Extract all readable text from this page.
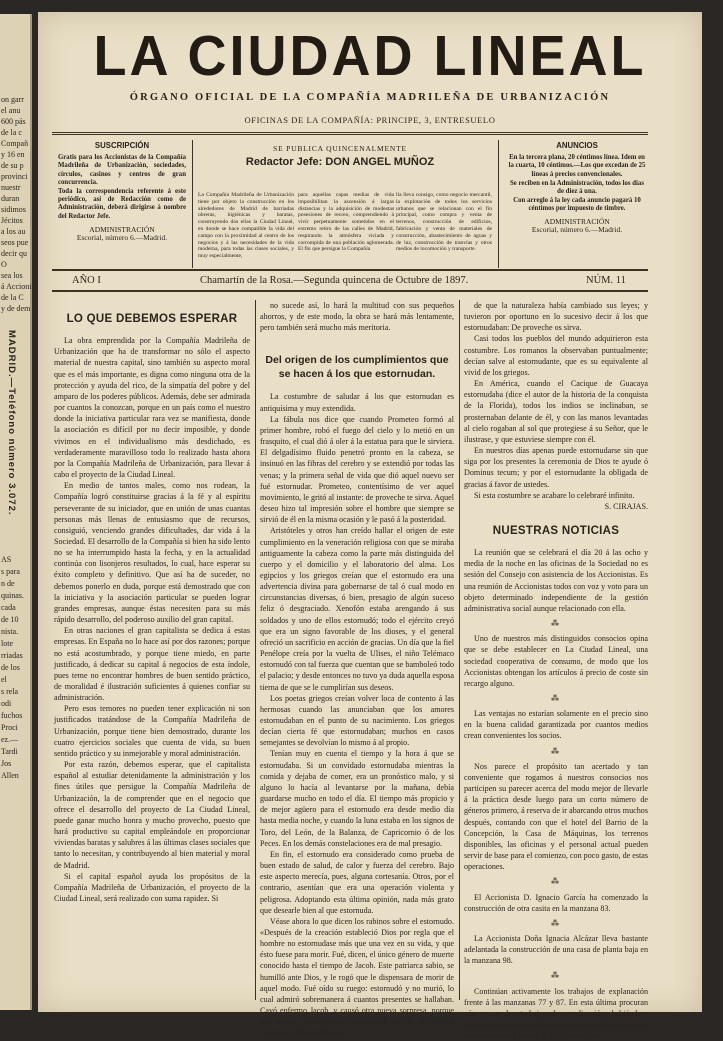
on garr
el anu
600 pás
de la c
Compañ
y 16 en
de su p
provinci
nuestr
duran
sidimos
Jécitos
a los au
seos pue
decir qu
O
sea los
á Accioni
de la C
y de dem
AS
s para
n de
quinas.
cada
de 10
nista.
lote
rriadas
de los
el
s rela
odi
fuchos
Proci
ez.—
Tardi
Jos
Allen
MADRID.—Teléfono número 3.072.
LA CIUDAD LINEAL
ÓRGANO OFICIAL DE LA COMPAÑÍA MADRILEÑA DE URBANIZACIÓN
OFICINAS DE LA COMPAÑÍA: PRINCIPE, 3, ENTRESUELO
SUSCRIPCIÓN

Gratis para los Accionistas de la Compañía Madrileña de Urbanización, sociedades, círculos, casinos y centros de gran concurrencia.

Toda la correspondencia referente á este periódico, así de Redacción como de Administración, deberá dirigirse á nombre del Redactor Jefe.

ADMINISTRACIÓN
Escorial, número 6.—Madrid.
SE PUBLICA QUINCENALMENTE
Redactor Jefe: DON ANGEL MUÑOZ
La Compañía Madrileña de Urbanización tiene por objeto la construcción en los alrededores de Madrid de barriadas obreras, higiénicas y baratas, construyendo dos ellas la Ciudad Lineal, en donde se hace compatible la vida del campo con la proximidad al centro de los negocios y á las necesidades de la vida moderna, para todas las clases sociales, y muy especialmente,
para aquellas capas medias de vida imposibilitan la ascensión á largas distancias y la adquisición de modestas posesiones de recreo, comprendiendo á vivir perpetuamente sometidos en el extremo retiro de las calles de Madrid, respirando la atmósfera viciada y corrompida de una población aglomerada. El fin que persigue la Compañía
lla lleva consigo, como negocio mercantil, la explotación de todos los servicios urbanos que se relacionan con el fin principal, como compra y venta de terrenos, construcción de edificios, fabricación y venta de materiales de construcción, abastecimiento de aguas y de luz, construcción de tranvías y otros medios de locomoción y transporte.
ANUNCIOS

En la tercera plana, 20 céntimos línea. Idem en la cuarta, 10 céntimos.—Los que excedan de 25 líneas á precios convencionales.

Se reciben en la Administración, todos los días de diez á una.

Con arreglo á la ley cada anuncio pagará 10 céntimos por impuesto de timbre.

ADMINISTRACIÓN
Escorial, número 6.—Madrid.
AÑO I	Chamartín de la Rosa.—Segunda quincena de Octubre de 1897.	NÚM. 11
LO QUE DEBEMOS ESPERAR

La obra emprendida por la Compañía Madrileña de Urbanización que ha de transformar no sólo el aspecto material de nuestra capital, sino también su aspecto moral que es el más importante, es digna como ninguna otra de la protección y ayuda del rico, de la simpatía del pobre y del amparo de los poderes públicos. Además, debe ser admirada por cuantos la conozcan, porque en un país como el nuestro donde la iniciativa particular rara vez se manifiesta, donde la asociación es difícil por no decir imposible, y donde vivimos en el individualismo más desdichado, es verdaderamente maravilloso todo lo realizado hasta ahora por la Compañía Madrileña de Urbanización, para llevar á cabo el proyecto de la Ciudad Lineal.

En medio de tantos males, como nos rodean, la Compañía logró constituirse gracias á la fé y al espíritu perseverante de su iniciador, que en unión de unas cuantas personas más llenas de entusiasmo que de recursos, consiguió, venciendo grandes dificultades, dar vida á la Sociedad. El desarrollo de la Compañía si bien ha sido lento no se ha interrumpido hasta la fecha, y en la actualidad continúa con lisonjeros resultados, lo cual, hace esperar su éxito completo y definitivo. Que así ha de suceder, no debemos ponerlo en duda, porque está demostrado que con la iniciativa y la asociación particular se pueden lograr grandes empresas, aunque éstas necesiten para su más rápido desarrollo, del poderoso auxilio del gran capital.

En otras naciones el gran capitalista se dedica á estas empresas. En España no lo hace así por dos razones; porque no está acostumbrado, y porque tiene miedo, en parte justificado, á dedicar su capital á negocios de esta índole, pues teme no encontrar hombres de buen sentido práctico, de moralidad é ilustración suficientes á quienes confiar su administración.

Pero esos temores no pueden tener explicación ni son justificados tratándose de la Compañía Madrileña de Urbanización, porque tiene bien demostrado, durante los cuatro ejercicios sociales que cuenta de vida, su buen sentido práctico y su inmejorable y moral administración.

Por esta razón, debemos esperar, que el capitalista español al estudiar detenidamente la administración y los fines útiles que persigue la Compañía Madrileña de Urbanización, la de comprender que en el negocio que ofrece el desarrollo del proyecto de La Ciudad Lineal, puede ganar mucho honra y mucho provecho, puesto que hará productivo su capital empleándole en proporcionar viviendas baratas y salubres á las últimas clases sociales que tanto lo necesitan, y contribuyendo al bien material y moral de Madrid.

Si el capital español ayuda los propósitos de la Compañía Madrileña de Urbanización, el proyecto de la Ciudad Lineal, será realizado con suma rapidez. Si

no sucede así, lo hará la multitud con sus pequeños ahorros, y de este modo, la obra se hará más lentamente, pero también será mucho más meritoria.

Del origen de los cumplimientos que se hacen á los que estornudan.

La costumbre de saludar á los que estornudan es antiquísima y muy extendida.

La fábula nos dice que cuando Prometeo formó al primer hombre, robó el fuego del cielo y lo metió en un frasquito, el cual dió á oler á la estatua para que le sirviera. El delgadísimo fluido penetró pronto en la cabeza, se insinuó en las fibras del cerebro y se extendió por todas las venas; y la primera señal de vida que dió aquel nuevo ser fué estornudar. Prometeo, contentísimo de ver aquel movimiento, le gritó al instante: de proveche te sirva. Aquel deseo hizo tal impresión sobre el hombre que siempre se sirvió de él en la misma ocasión y le pasó á la posteridad.

Aristóteles y otros han creído hallar el origen de este cumplimiento en la veneración religiosa con que se miraba antiguamente la cabeza como la parte más distinguida del cuerpo y el domicilio y el laboratorio del alma. Los egipcios y los griegos creían que el estornudo era una advertencia divina para gobernarse de tal ó cual modo en circunstancias diversas, ó bien, presagio de algún suceso feliz ó desgraciado. Xenofón estaba arengando á sus soldados y uno de ellos estornudó; todo el ejército creyó que era un signo favorable de los dioses, y el general ofreció un sacrificio en acción de gracias. Un día que la fiel Penélope creía por la vuelta de Ulises, el niño Telémaco estornudó con tal fuerza que cuentan que se bamboleó todo el palacio; y desde entonces no tuvo ya duda aquella esposa tierna de que se le cumplirían sus deseos.

Los poetas griegos creían volver loca de contento á las hermosas cuando las anunciaban que los amores estornudaban en el punto de su nacimiento. Los griegos decían cierta fé que estornudaban; muchos en casos semejantes se devolvían lo mismo á al propio.

Tenían muy en cuenta el tiempo y la hora á que se estornudaba. Si un convidado estornudaba mientras la comida y dejaba de comer, era un pronóstico malo, y si alguno lo hacía al levantarse por la mañana, debía guardarse mucho en todo el día. El tiempo más propicio y de mejor agüero para el estornudo era desde medio día hasta media noche, y cuando la luna estaba en los signos de Toro, del León, de la Balanza, de Capricornio ó de los Peces. En los demás constelaciones era de mal presagio.

En fin, el estornudo era considerado como prueba de buen estado de salud, de calor y fuerza del cerebro. Bajo este aspecto merecía, pues, alguna cortesanía. Otros, por el contrario, asentían que era una operación violenta y peligrosa. Adoptando esta última opinión, nada más grato que desearle bien al que estornuda.

Véase ahora lo que dicen los rabinos sobre el estornudo. «Después de la creación estableció Dios por regla que el hombre no estornudase más que una vez en su vida, y que ésto fuese para morir. Fué, dicen, el único género de muerte conocido hasta el tiempo de Jacob. Este patriarca sabio, se humilló ante Dios, y le rogó que le dispensara de morir de aquel modo. Fué oído su ruego: estornudó y no murió, lo cual admiró sobremanera á cuantos presentes se hallaban. Cayó enfermo Jacob, y causó otra nueva sorpresa, porque aún no se conocía más enfermedad que la del mortal estornudo. Ya no dudaron

de que la naturaleza había cambiado sus leyes; y tuvieron por oportuno en lo sucesivo decir á los que estornudaban: De proveche os sirva.

Casi todos los pueblos del mundo adquirieron esta costumbre. Los romanos la observaban puntualmente; decían salve al estornudante, que es su equivalente al vivid de los griegos.

En América, cuando el Cacique de Guacaya estornudaba (dice el autor de la historia de la conquista de la Florida), todos los indios se inclinaban, se prosternaban delante de él, y con las manos levantadas al cielo rogaban al sol que protegiese á su Señor, que le ilustrase, y que estuviese siempre con él.

En nuestros días apenas puede estornudarse sin que siga por los presentes la ceremonia de Dios te ayude ó Dominus tecum; y por el estornudante la obligada de gracias á favor de ustedes.

Si esta costumbre se acabare lo celebraré infinito.

S. CIRAJAS.
NUESTRAS NOTICIAS

La reunión que se celebrará el día 20 á las ocho y media de la noche en las oficinas de la Sociedad no es sesión del Consejo con asistencia de los Accionistas. Es una reunión de Accionistas todos con voz y voto para un objeto determinado independiente de la gestión administrativa social aunque relacionado con ella.

⁂

Uno de nuestros más distinguidos consocios opina que se debe establecer en La Ciudad Lineal, una sociedad cooperativa de consumo, de modo que los Accionistas obtengan los artículos á precio de coste sin recargo alguno.

⁂

Las ventajas no estarían solamente en el precio sino en la buena calidad garantizada por cuantos medios crean convenientes los socios.

⁂

Nos parece el propósito tan acertado y tan conveniente que rogamos á nuestros consocios nos participen su parecer acerca del modo mejor de llevarle á la práctica desde luego para un corto número de géneros primero, á reserva de ir abarcando otros muchos después, contando con que el hotel del Barrio de la Concepción, la Casa de Máquinas, los terrenos disponibles, las oficinas y el personal actual pueden servir de base para el comienzo, con poco gasto, de estas operaciones.

⁂

El Accionista D. Ignacio García ha comenzado la construcción de otra casita en la manzana 83.

⁂

La Accionista Doña Ignacia Alcázar lleva bastante adelantada la construcción de una casa de planta baja en la manzana 98.

⁂

Continúan activamente los trabajos de explanación frente á las manzanas 77 y 87. En esta última procuran aún cruzar los trabajos de canalización, habiéndose demostrado ya prácticamente que el agua llega á puntos más altos que el Barrio de la Concepción.
